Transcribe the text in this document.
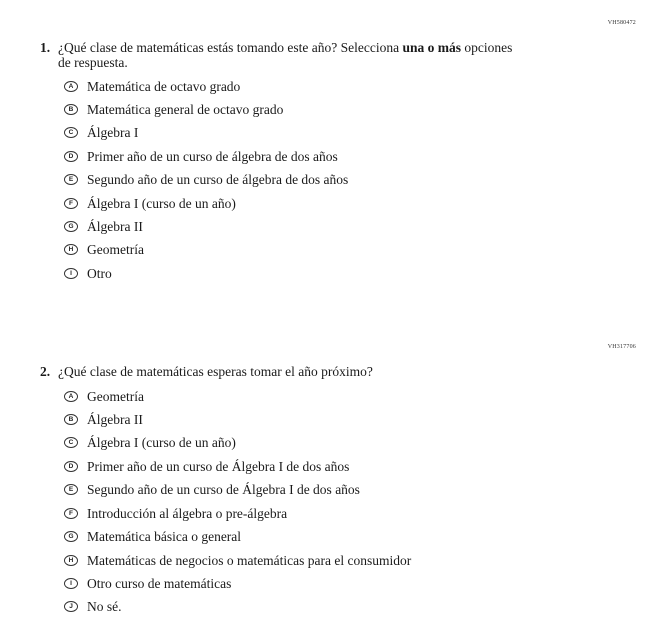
VH580472
1. ¿Qué clase de matemáticas estás tomando este año? Selecciona una o más opciones
de respuesta.
A	Matemática de octavo grado
B	Matemática general de octavo grado
C	Álgebra I
D	Primer año de un curso de álgebra de dos años
E	Segundo año de un curso de álgebra de dos años
F	Álgebra I (curso de un año)
G Álgebra II
H	Geometría
I	Otro
VH317706
2. ¿Qué clase de matemáticas esperas tomar el año próximo?
A	Geometría
B	Álgebra II
C	Álgebra I (curso de un año)
D	Primer año de un curso de Álgebra I de dos años
E	Segundo año de un curso de Álgebra I de dos años
F	Introducción al álgebra o pre-álgebra
G Matemática básica o general
H	Matemáticas de negocios o matemáticas para el consumidor
I	Otro curso de matemáticas
J	No sé.
